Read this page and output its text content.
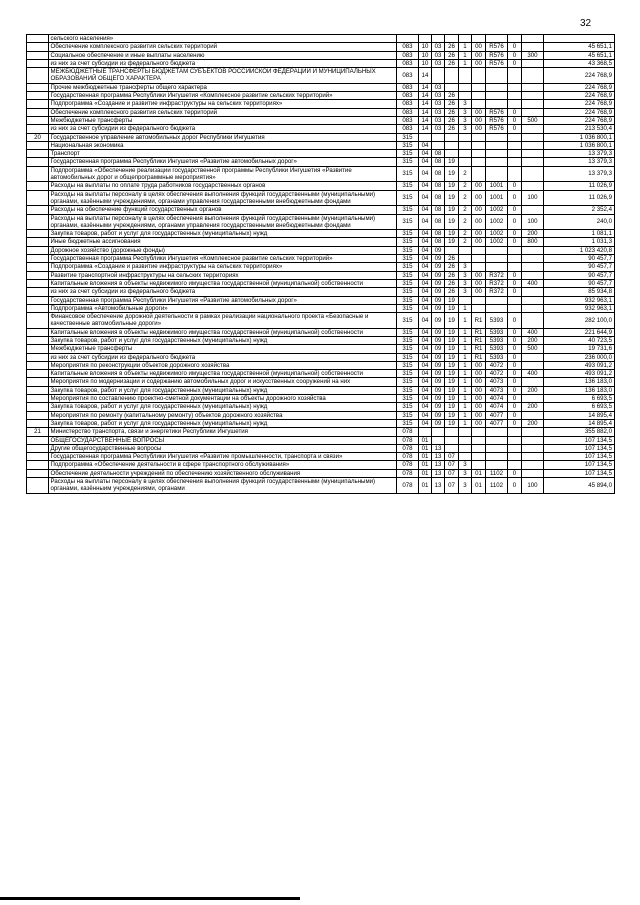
32
	сельского населения»										
	Обеспечение комплексного развития сельских территорий	083	10	03	26	1	00	R576	0		45 651,1
	Социальное обеспечение и иные выплаты населению	083	10	03	26	1	00	R576	0	300	45 651,1
	из них за счет субсидии из федерального бюджета	083	10	03	26	1	00	R576	0		43 368,5
	МЕЖБЮДЖЕТНЫЕ ТРАНСФЕРТЫ БЮДЖЕТАМ СУБЪЕКТОВ РОССИЙСКОЙ ФЕДЕРАЦИИ И МУНИЦИПАЛЬНЫХ ОБРАЗОВАНИЙ ОБЩЕГО ХАРАКТЕРА	083	14								224 768,9
	Прочие межбюджетные трансферты общего характера	083	14	03							224 768,9
	Государственная программа Республики Ингушетия «Комплексное развитие сельских территорий»	083	14	03	26						224 768,9
	Подпрограмма «Создание и развитие инфраструктуры на сельских территориях»	083	14	03	26	3					224 768,9
	Обеспечение комплексного развития сельских территорий	083	14	03	26	3	00	R576	0		224 768,9
	Межбюджетные трансферты	083	14	03	26	3	00	R576	0	500	224 768,9
	из них за счет субсидии из федерального бюджета	083	14	03	26	3	00	R576	0		213 530,4
20	Государственное управление автомобильных дорог Республики Ингушетия	315									1 036 800,1
	Национальная экономика	315	04								1 036 800,1
	Транспорт	315	04	08							13 379,3
	Государственная программа Республики Ингушетия «Развитие автомобильных дорог»	315	04	08	19						13 379,3
	Подпрограмма «Обеспечение реализации государственной программы Республики Ингушетия «Развитие автомобильных дорог и общепрограммные мероприятия»	315	04	08	19	2					13 379,3
	Расходы на выплаты по оплате труда работников государственных органов	315	04	08	19	2	00	1001	0		11 026,9
	Расходы на выплаты персоналу в целях обеспечения выполнения функций государственными (муниципальными) органами, казёнными учреждениями, органами управления государственными внебюджетными фондами	315	04	08	19	2	00	1001	0	100	11 026,9
	Расходы на обеспечение функций государственных органов	315	04	08	19	2	00	1002	0		2 352,4
	Расходы на выплаты персоналу в целях обеспечения выполнения функций государственными (муниципальными) органами, казёнными учреждениями, органами управления государственными внебюджетными фондами	315	04	08	19	2	00	1002	0	100	240,0
	Закупка товаров, работ и услуг для государственных (муниципальных) нужд	315	04	08	19	2	00	1002	0	200	1 081,1
	Иные бюджетные ассигнования	315	04	08	19	2	00	1002	0	800	1 031,3
	Дорожное хозяйство (дорожные фонды)	315	04	09							1 023 420,8
	Государственная программа Республики Ингушетия «Комплексное развитие сельских территорий»	315	04	09	26						90 457,7
	Подпрограмма «Создание и развитие инфраструктуры на сельских территориях»	315	04	09	26	3					90 457,7
	Развитие транспортной инфраструктуры на сельских территориях	315	04	09	26	3	00	R372	0		90 457,7
	Капитальные вложения в объекты недвижимого имущества государственной (муниципальной) собственности	315	04	09	26	3	00	R372	0	400	90 457,7
	из них за счет субсидии из федерального бюджета	315	04	09	26	3	00	R372	0		85 934,8
	Государственная программа Республики Ингушетия «Развитие автомобильных дорог»	315	04	09	19						932 963,1
	Подпрограмма «Автомобильные дороги»	315	04	09	19	1					932 963,1
	Финансовое обеспечение дорожной деятельности в рамках реализации национального проекта «Безопасные и качественные автомобильные дороги»	315	04	09	19	1	R1	5393	0		282 100,0
	Капитальные вложения в объекты недвижимого имущества государственной (муниципальной) собственности	315	04	09	19	1	R1	5393	0	400	221 644,9
	Закупка товаров, работ и услуг для государственных (муниципальных) нужд	315	04	09	19	1	R1	5393	0	200	40 723,5
	Межбюджетные трансферты	315	04	09	19	1	R1	5393	0	500	19 731,6
	из них за счет субсидии из федерального бюджета	315	04	09	19	1	R1	5393	0		236 000,0
	Мероприятия по реконструкции объектов дорожного хозяйства	315	04	09	19	1	00	4072	0		493 091,2
	Капитальные вложения в объекты недвижимого имущества государственной (муниципальной) собственности	315	04	09	19	1	00	4072	0	400	493 091,2
	Мероприятия по модернизации и содержанию автомобильных дорог и искусственных сооружений на них	315	04	09	19	1	00	4073	0		136 183,0
	Закупка товаров, работ и услуг для государственных (муниципальных) нужд	315	04	09	19	1	00	4073	0	200	136 183,0
	Мероприятия по составлению проектно-сметной документации на объекты дорожного хозяйства	315	04	09	19	1	00	4074	0		6 693,5
	Закупка товаров, работ и услуг для государственных (муниципальных) нужд	315	04	09	19	1	00	4074	0	200	6 693,5
	Мероприятия по ремонту (капитальному ремонту) объектов дорожного хозяйства	315	04	09	19	1	00	4077	0		14 895,4
	Закупка товаров, работ и услуг для государственных (муниципальных) нужд	315	04	09	19	1	00	4077	0	200	14 895,4
21	Министерство транспорта, связи и энергетики Республики Ингушетия	078									355 882,0
	ОБЩЕГОСУДАРСТВЕННЫЕ ВОПРОСЫ	078	01								107 134,5
	Другие общегосударственные вопросы	078	01	13							107 134,5
	Государственная программа Республики Ингушетия «Развитие промышленности, транспорта и связи»	078	01	13	07						107 134,5
	Подпрограмма «Обеспечение деятельности в сфере транспортного обслуживания»	078	01	13	07	3					107 134,5
	Обеспечение деятельности учреждений по обеспечению хозяйственного обслуживания	078	01	13	07	3	01	1102	0		107 134,5
	Расходы на выплаты персоналу в целях обеспечения выполнения функций государственными (муниципальными) органами, казённыим учреждениями, органами	078	01	13	07	3	01	1102	0	100	45 894,0
